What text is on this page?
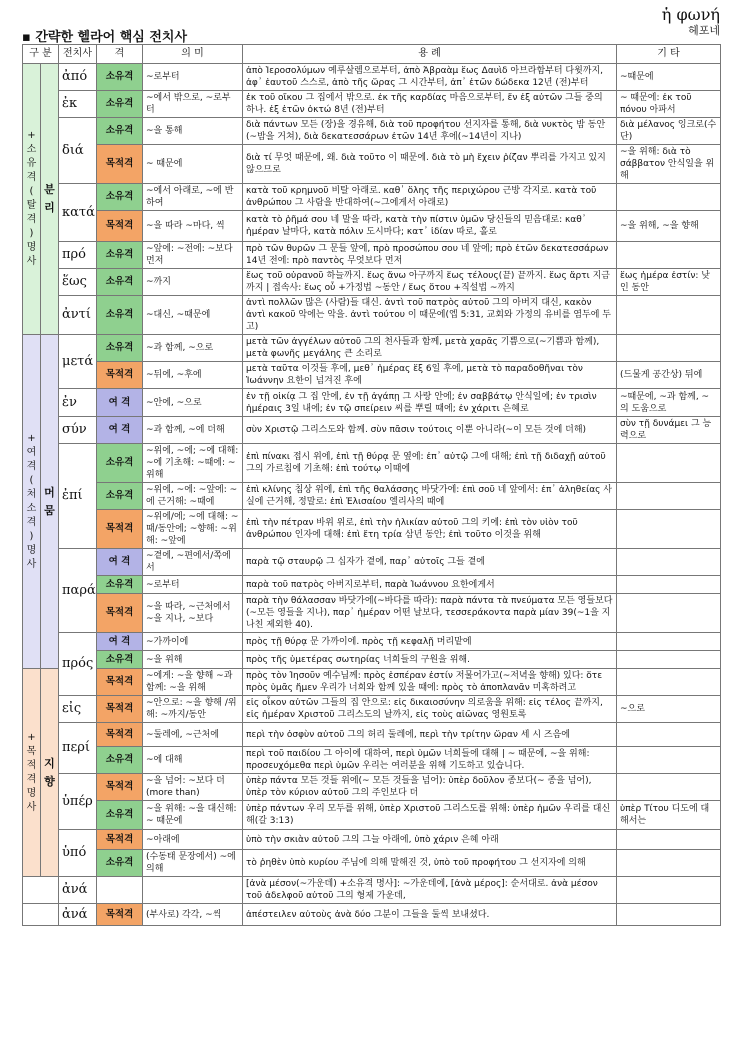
▪ 간략한 헬라어 핵심 전치사
ἡ φωνή
헤포네
구 분		전치사	격	의 미	용 례	기 타
+ 소 유 격 ( 탈 격 ) 명 사	분 리	ἀπό	소유격	~로부터	ἀπὸ Ἱεροσολύμων 예루살렘으로부터, ἀπὸ Ἀβραὰμ ἕως Δαυὶδ 아브라함부터 다윗까지, ἀφ᾽ ἑαυτοῦ 스스로, ἀπὸ τῆς ὥρας 그 시간부터, ἀπ᾽ ἐτῶν δώδεκα 12년 (전)부터	~때문에
		ἐκ	소유격	~에서 밖으로, ~로부터	ἐκ τοῦ οἴκου 그 집에서 밖으로. ἐκ τῆς καρδίας 마음으로부터, ἔν ἐξ αὐτῶν 그들 중의 하나. ἐξ ἐτῶν ὀκτώ 8년 (전)부터	~ 때문에: ἐκ τοῦ πόνου 아파서
		διά	소유격	~을 통해	διὰ πάντων 모든 (장)을 경유해, διὰ τοῦ προφήτου 선지자를 통해, διὰ νυκτὸς 밤 동안(~밤을 거쳐), διὰ δεκατεσσάρων ἐτῶν 14년 후에(~14년이 지나)	διὰ μέλανος 잉크로(수단)
			목적격	~ 때문에	διὰ τί 무엇 때문에, 왜. διὰ τοῦτο 이 때문에. διὰ τὸ μὴ ἔχειν ῥίζαν 뿌리를 가지고 있지 않으므로	~을 위해: διὰ τὸ σάββατον 안식일을 위해
		κατά	소유격	~에서 아래로, ~에 반하여	κατὰ τοῦ κρημνοῦ 비탈 아래로. καθ᾽ ὅλης τῆς περιχώρου 근방 각지로. κατὰ τοῦ ἀνθρώπου 그 사람을 반대하여(~그에게서 아래로)	
			목적격	~을 따라 ~마다, 씩	κατὰ τὸ ῥῆμά σου 네 말을 따라, κατὰ τὴν πίστιν ὑμῶν 당신들의 믿음대로: καθ᾽ ἡμέραν 날마다, κατὰ πόλιν 도시마다; κατ᾽ ἰδίαν 따로, 홀로	~을 위해, ~을 향해
		πρό	소유격	~앞에: ~전에: ~보다 먼저	πρὸ τῶν θυρῶν 그 문들 앞에, πρὸ προσώπου σου 네 앞에; πρὸ ἐτῶν δεκατεσσάρων 14년 전에: πρὸ παντὸς 무엇보다 먼저	
		ἕως	소유격	~까지	ἕως τοῦ οὐρανοῦ 하늘까지. ἕως ἄνω 아구까지 ἕως τέλους(끝) 끝까지. ἕως ἄρτι 지금까지 | 접속사: ἕως οὗ +가정법 ~동안 / ἕως ὅτου +직설법 ~까지	ἕως ἡμέρα ἐστίν: 낮인 동안
		ἀντί	소유격	~대신, ~때문에	ἀντὶ πολλῶν 많은 (사람)들 대신. ἀντὶ τοῦ πατρὸς αὐτοῦ 그의 아버지 대신, κακὸν ἀντὶ κακοῦ 악에는 악을. ἀντὶ τούτου 이 때문에(엡 5:31, 교회와 가정의 유비를 염두에 두고)	
+ 여 격 ( 처 소 격 ) 명 사	머 뭄	μετά	소유격	~과 함께, ~으로	μετὰ τῶν ἀγγέλων αὐτοῦ 그의 천사들과 함께, μετὰ χαρᾶς 기쁨으로(~기쁨과 함께), μετὰ φωνῆς μεγάλης 큰 소리로	
			목적격	~뒤에, ~후에	μετὰ ταῦτα 이것들 후에, μεθ᾽ ἡμέρας ἕξ 6일 후에, μετὰ τὸ παραδοθῆναι τὸν Ἰωάννην 요한이 넘겨진 후에	(드물게 공간상) 뒤에
		ἐν	여 격	~안에, ~으로	ἐν τῇ οἰκίᾳ 그 집 안에, ἐν τῇ ἀγάπῃ 그 사랑 안에; ἐν σαββάτῳ 안식일에; ἐν τρισὶν ἡμέραις 3일 내에; ἐν τῷ σπείρειν 씨를 뿌릴 때에; ἐν χάριτι 은혜로	~때문에, ~과 함께, ~의 도움으로
		σύν	여 격	~과 함께, ~에 더해	σὺν Χριστῷ 그리스도와 함께. σὺν πᾶσιν τούτοις 이뿐 아니라(~이 모든 것에 더해)	σὺν τῇ δυνάμει 그 능력으로
		ἐπί	소유격	~위에, ~에; ~에 대해: ~에 기초해: ~때에: ~위해	ἐπὶ πίνακι 접시 위에, ἐπὶ τῇ θύρᾳ 문 옆에: ἐπ᾽ αὐτῷ 그에 대해; ἐπὶ τῇ διδαχῇ αὐτοῦ 그의 가르침에 기초해: ἐπὶ τούτῳ 이때에	
			소유격	~위에, ~에: ~앞에: ~에 근거해: ~때에	ἐπὶ κλίνης 침상 위에, ἐπὶ τῆς θαλάσσης 바닷가에: ἐπὶ σοῦ 네 앞에서: ἐπ᾽ ἀληθείας 사실에 근거해, 정말로: ἐπὶ Ἐλισαίου 엘리사의 때에	
			목적격	~위에/에; ~에 대해: ~때/동안에; ~향해: ~위해: ~앞에	ἐπὶ τὴν πέτραν 바위 위로, ἐπὶ τὴν ἡλικίαν αὐτοῦ 그의 키에: ἐπὶ τὸν υἱὸν τοῦ ἀνθρώπου 인자에 대해: ἐπὶ ἔτη τρία 삼년 동안; ἐπὶ τοῦτο 이것을 위해	
		παρά	여 격	~곁에, ~편에서/쪽에서	παρὰ τῷ σταυρῷ 그 십자가 곁에, παρ᾽ αὐτοῖς 그들 곁에	
			소유격	~로부터	παρὰ τοῦ πατρὸς 아버지로부터, παρὰ Ἰωάννου 요한에게서	
			목적격	~을 따라, ~근처에서 ~을 지나, ~보다	παρὰ τὴν θάλασσαν 바닷가에(~바다를 따라): παρὰ πάντα τὰ πνεύματα 모든 영들보다(~모든 영들을 지나), παρ᾽ ἡμέραν 어떤 날보다, τεσσεράκοντα παρὰ μίαν 39(~1을 지나친 제외한 40).	
		πρός	여 격	~가까이에	πρὸς τῇ θύρᾳ 문 가까이에. πρὸς τῇ κεφαλῇ 머리맡에	
			소유격	~을 위해	πρὸς τῆς ὑμετέρας σωτηρίας 너희들의 구원을 위해.	
+ 목 적 격 명 사	지 향		목적격	~에게: ~을 향해 ~과 함께: ~을 위해	πρὸς τὸν Ἰησοῦν 예수님께: πρὸς ἑσπέραν ἐστίν 저물어가고(~저녁을 향해) 있다: ὅτε πρὸς ὑμᾶς ἤμεν 우리가 너희와 함께 있을 때에: πρὸς τὸ ἀποπλανᾶν 미혹하려고	
		εἰς	목적격	~안으로: ~을 향해 /위해: ~까지/동안	εἰς οἶκον αὐτῶν 그들의 집 안으로: εἰς δικαιοσύνην 의로움을 위해: εἰς τέλος 끝까지, εἰς ἡμέραν Χριστοῦ 그리스도의 날까지, εἰς τοὺς αἰῶνας 영원토록	~으로
		περί	목적격	~둘레에, ~근처에	περὶ τὴν ὀσφὺν αὐτοῦ 그의 허리 둘레에, περὶ τὴν τρίτην ὥραν 세 시 즈음에	
			소유격	~에 대해	περὶ τοῦ παιδίου 그 아이에 대하여, περὶ ὑμῶν 너희들에 대해 | ~ 때문에, ~을 위해: προσευχόμεθα περὶ ὑμῶν 우리는 여러분을 위해 기도하고 있습니다.	
		ὑπέρ	목적격	~을 넘어: ~보다 더(more than)	ὑπὲρ πάντα 모든 것들 위에(~ 모든 것들을 넘어): ὑπὲρ δοῦλον 종보다(~ 종을 넘어), ὑπὲρ τὸν κύριον αὐτοῦ 그의 주인보다 더	
			소유격	~을 위해: ~을 대신해: ~ 때문에	ὑπὲρ πάντων 우리 모두를 위해, ὑπὲρ Χριστοῦ 그리스도를 위해: ὑπὲρ ἡμῶν 우리를 대신해(갈 3:13)	ὑπὲρ Τίτου 디도에 대해서는
		ὑπό	목적격	~아래에	ὑπὸ τὴν σκιὰν αὐτοῦ 그의 그늘 아래에, ὑπὸ χάριν 은혜 아래	
			소유격	(수동태 문장에서) ~에 의해	τὸ ῥηθὲν ὑπὸ κυρίου 주님에 의해 말해진 것, ὑπὸ τοῦ προφήτου 그 선지자에 의해	
		ἀνά			[ἀνὰ μέσον(~가운데) +소유격 명사]: ~가운데에, [ἀνὰ μέρος]: 순서대로. ἀνὰ μέσον τοῦ ἀδελφοῦ αὐτοῦ 그의 형제 가운데,	
		ἀνά	목적격	(부사로) 각각, ~씩	ἀπέστειλεν αὐτοὺς ἀνὰ δύο 그분이 그들을 둘씩 보내셨다.	
